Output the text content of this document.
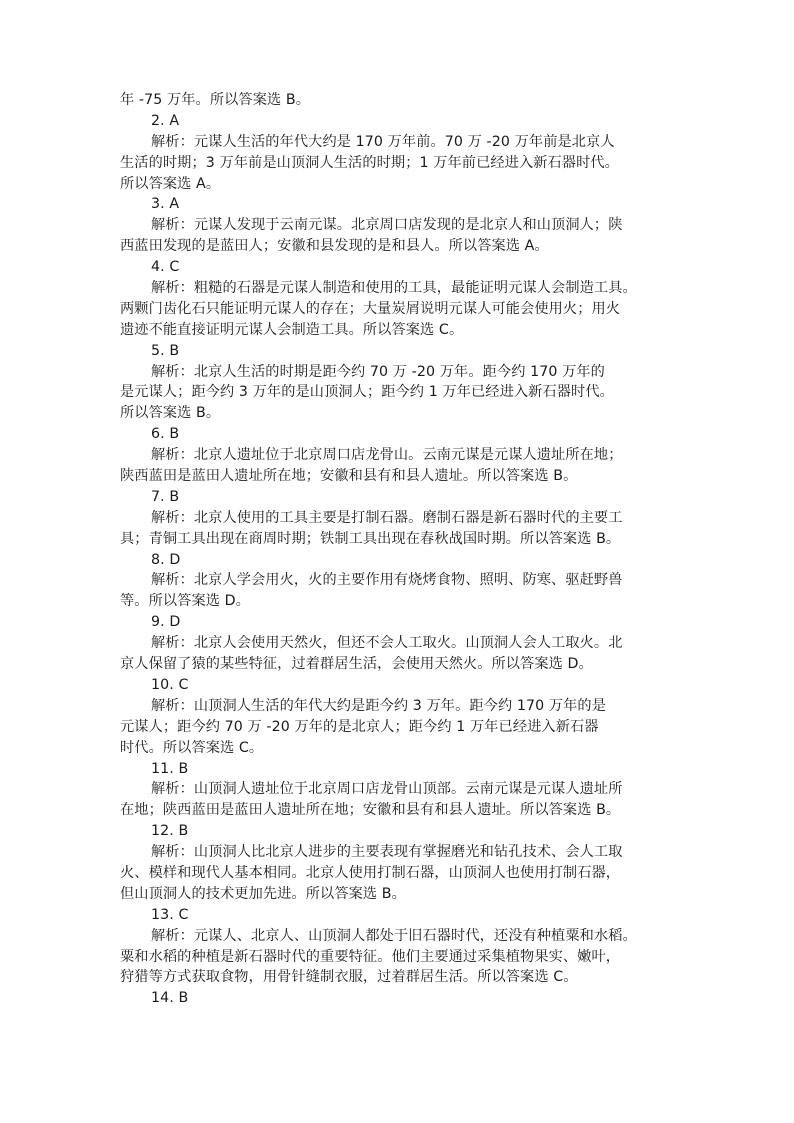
年 -75 万年。所以答案选 B。
2. A
解析：元谋人生活的年代大约是 170 万年前。70 万 -20 万年前是北京人
生活的时期；3 万年前是山顶洞人生活的时期；1 万年前已经进入新石器时代。
所以答案选 A。
3. A
解析：元谋人发现于云南元谋。北京周口店发现的是北京人和山顶洞人；陕
西蓝田发现的是蓝田人；安徽和县发现的是和县人。所以答案选 A。
4. C
解析：粗糙的石器是元谋人制造和使用的工具，最能证明元谋人会制造工具。
两颗门齿化石只能证明元谋人的存在；大量炭屑说明元谋人可能会使用火；用火
遗迹不能直接证明元谋人会制造工具。所以答案选 C。
5. B
解析：北京人生活的时期是距今约 70 万 -20 万年。距今约 170 万年的
是元谋人；距今约 3 万年的是山顶洞人；距今约 1 万年已经进入新石器时代。
所以答案选 B。
6. B
解析：北京人遗址位于北京周口店龙骨山。云南元谋是元谋人遗址所在地；
陕西蓝田是蓝田人遗址所在地；安徽和县有和县人遗址。所以答案选 B。
7. B
解析：北京人使用的工具主要是打制石器。磨制石器是新石器时代的主要工
具；青铜工具出现在商周时期；铁制工具出现在春秋战国时期。所以答案选 B。
8. D
解析：北京人学会用火，火的主要作用有烧烤食物、照明、防寒、驱赶野兽
等。所以答案选 D。
9. D
解析：北京人会使用天然火，但还不会人工取火。山顶洞人会人工取火。北
京人保留了猿的某些特征，过着群居生活，会使用天然火。所以答案选 D。
10. C
解析：山顶洞人生活的年代大约是距今约 3 万年。距今约 170 万年的是
元谋人；距今约 70 万 -20 万年的是北京人；距今约 1 万年已经进入新石器
时代。所以答案选 C。
11. B
解析：山顶洞人遗址位于北京周口店龙骨山顶部。云南元谋是元谋人遗址所
在地；陕西蓝田是蓝田人遗址所在地；安徽和县有和县人遗址。所以答案选 B。
12. B
解析：山顶洞人比北京人进步的主要表现有掌握磨光和钻孔技术、会人工取
火、模样和现代人基本相同。北京人使用打制石器，山顶洞人也使用打制石器，
但山顶洞人的技术更加先进。所以答案选 B。
13. C
解析：元谋人、北京人、山顶洞人都处于旧石器时代，还没有种植粟和水稻。
粟和水稻的种植是新石器时代的重要特征。他们主要通过采集植物果实、嫩叶，
狩猎等方式获取食物，用骨针缝制衣服，过着群居生活。所以答案选 C。
14. B
